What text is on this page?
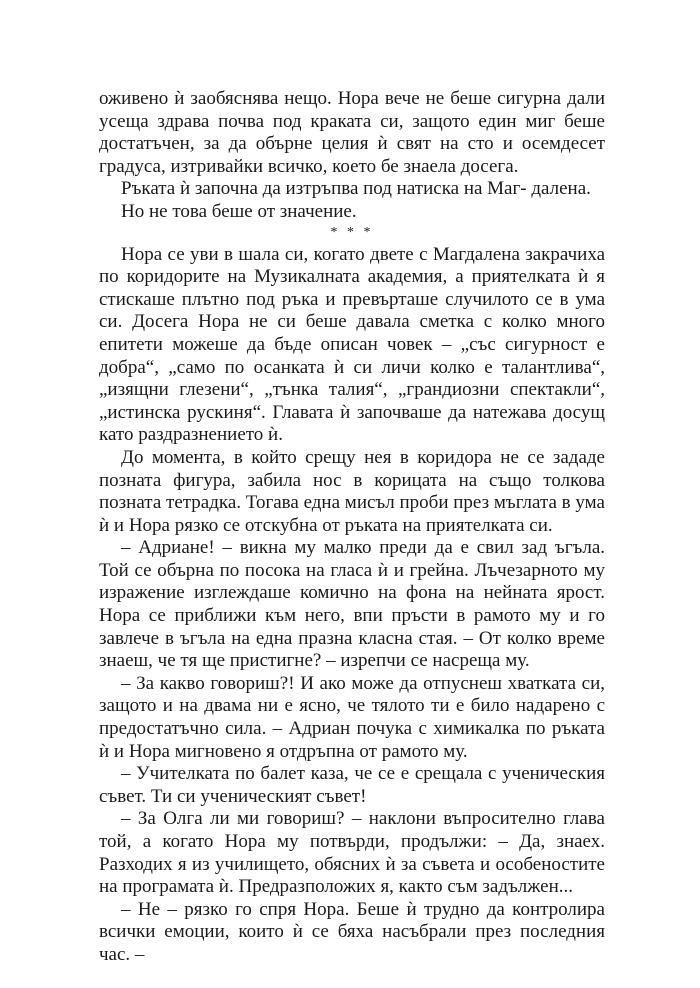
оживено ѝ заобяснява нещо. Нора вече не беше сигурна дали усеща здрава почва под краката си, защото един миг беше достатъчен, за да обърне целия ѝ свят на сто и осемдесет градуса, изтривайки всичко, което бе знаела досега.

Ръката ѝ започна да изтръпва под натиска на Маг- далена.

Но не това беше от значение.

* * *

Нора се уви в шала си, когато двете с Магдалена закрачиха по коридорите на Музикалната академия, а приятелката ѝ я стискаше плътно под ръка и превърташе случилото се в ума си. Досега Нора не си беше давала сметка с колко много епитети можеше да бъде описан човек – „със сигурност е добра“, „само по осанката ѝ си личи колко е талантлива“, „изящни глезени“, „тънка талия“, „грандиозни спектакли“, „истинска рускиня“. Главата ѝ започваше да натежава досущ като раздразнението ѝ.

До момента, в който срещу нея в коридора не се зададе позната фигура, забила нос в корицата на също толкова позната тетрадка. Тогава една мисъл проби през мъглата в ума ѝ и Нора рязко се отскубна от ръката на приятелката си.

– Адриане! – викна му малко преди да е свил зад ъгъла. Той се обърна по посока на гласа ѝ и грейна. Лъчезарното му изражение изглеждаше комично на фона на нейната ярост. Нора се приближи към него, впи пръсти в рамото му и го завлече в ъгъла на една празна класна стая. – От колко време знаеш, че тя ще пристигне? – изрепчи се насреща му.

– За какво говориш?! И ако може да отпуснеш хватката си, защото и на двама ни е ясно, че тялото ти е било надарено с предостатъчно сила. – Адриан почука с химикалка по ръката ѝ и Нора мигновено я отдръпна от рамото му.

– Учителката по балет каза, че се е срещала с ученическия съвет. Ти си ученическият съвет!

– За Олга ли ми говориш? – наклони въпросително глава той, а когато Нора му потвърди, продължи: – Да, знаех. Разходих я из училището, обясних ѝ за съвета и особеностите на програмата ѝ. Предразположих я, както съм задължен...

– Не – рязко го спря Нора. Беше ѝ трудно да контролира всички емоции, които ѝ се бяха насъбрали през последния час. –
